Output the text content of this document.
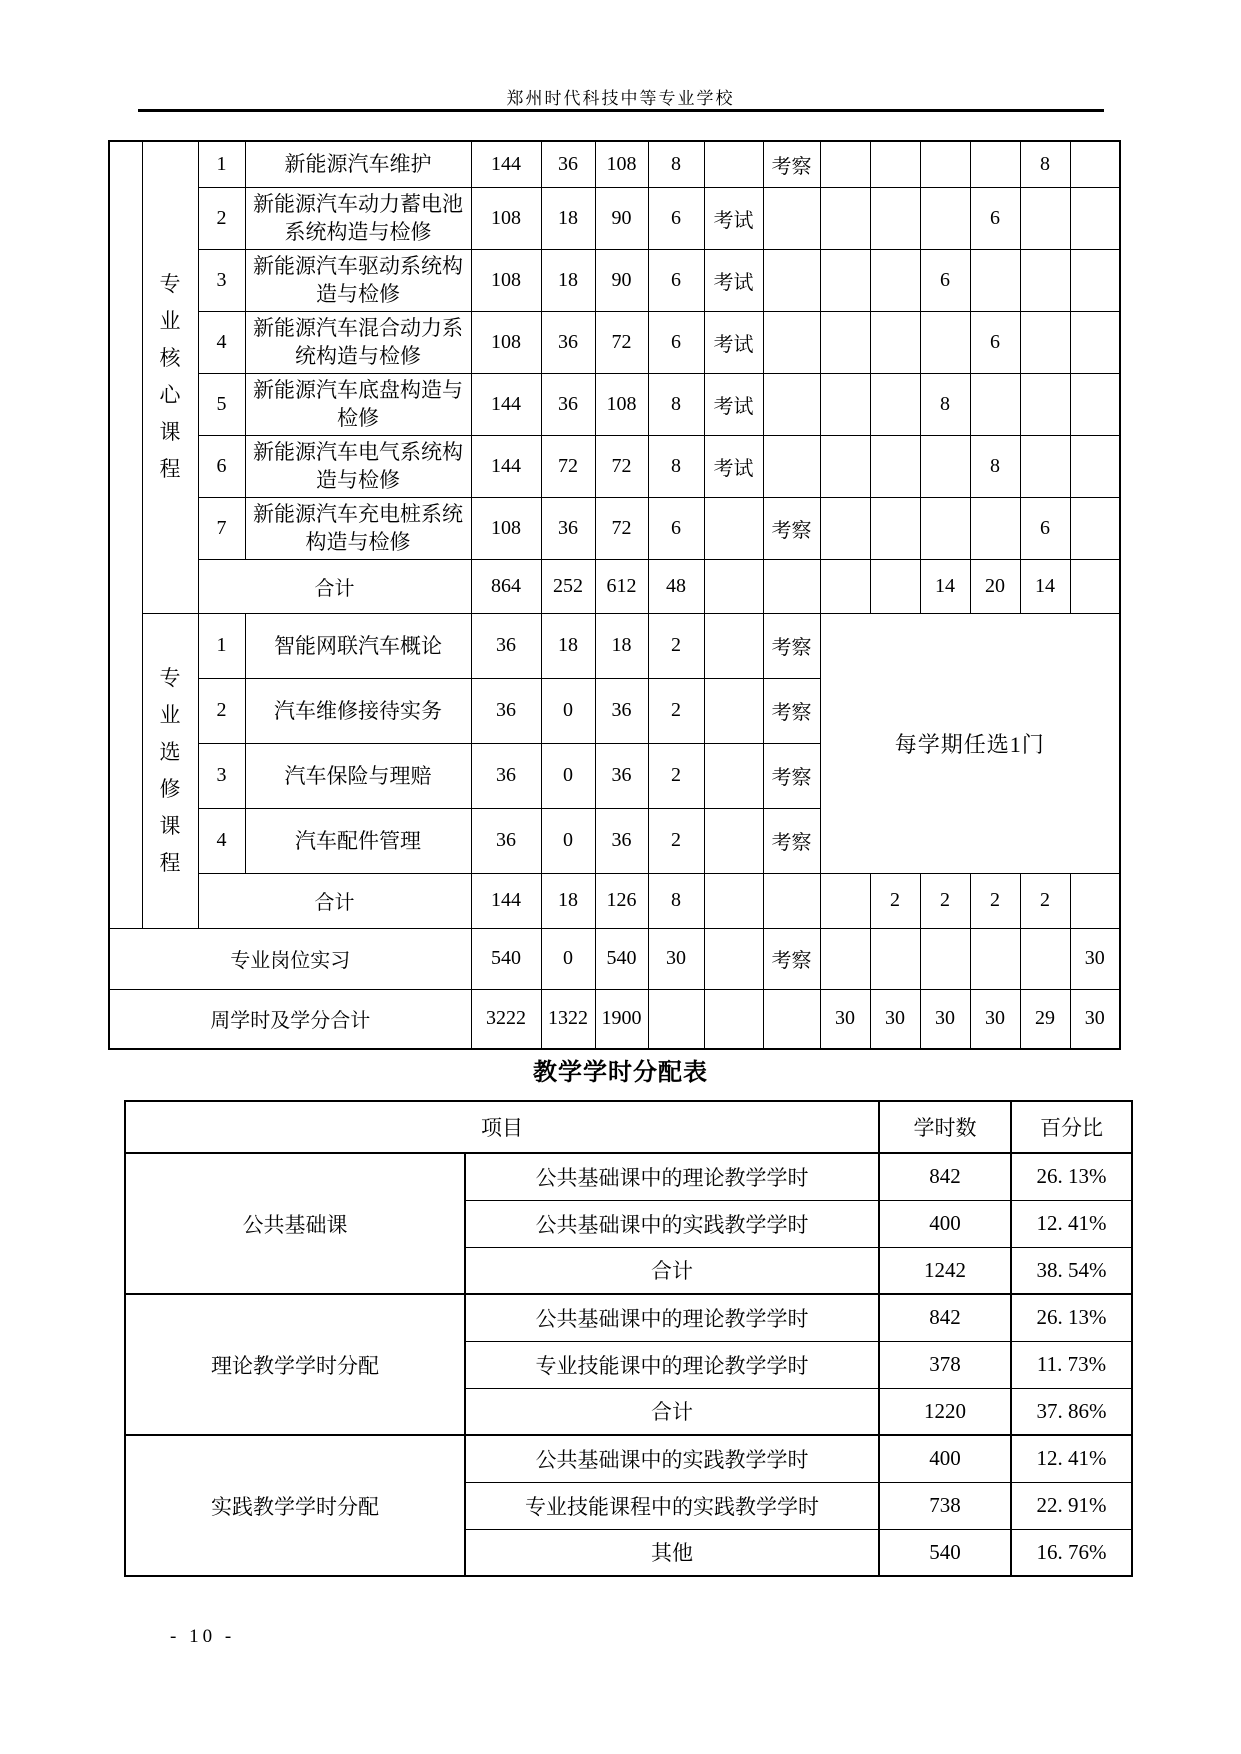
郑州时代科技中等专业学校
	专业核心课程	1	新能源汽车维护	144	36	108	8		考察					8	
		2	新能源汽车动力蓄电池系统构造与检修	108	18	90	6	考试					6		
		3	新能源汽车驱动系统构造与检修	108	18	90	6	考试				6			
		4	新能源汽车混合动力系统构造与检修	108	36	72	6	考试					6		
		5	新能源汽车底盘构造与检修	144	36	108	8	考试				8			
		6	新能源汽车电气系统构造与检修	144	72	72	8	考试					8		
		7	新能源汽车充电桩系统构造与检修	108	36	72	6		考察					6	
		合计		864	252	612	48					14	20	14	
	专业选修课程	1	智能网联汽车概论	36	18	18	2		考察	每学期任选1门					
		2	汽车维修接待实务	36	0	36	2		考察						
		3	汽车保险与理赔	36	0	36	2		考察						
		4	汽车配件管理	36	0	36	2		考察						
		合计		144	18	126	8				2	2	2	2	
专业岗位实习				540	0	540	30		考察						30
周学时及学分合计				3222	1322	1900				30	30	30	30	29	30
教学学时分配表
项目		学时数	百分比
公共基础课	公共基础课中的理论教学学时	842	26. 13%
	公共基础课中的实践教学学时	400	12. 41%
	合计	1242	38. 54%
理论教学学时分配	公共基础课中的理论教学学时	842	26. 13%
	专业技能课中的理论教学学时	378	11. 73%
	合计	1220	37. 86%
实践教学学时分配	公共基础课中的实践教学学时	400	12. 41%
	专业技能课程中的实践教学学时	738	22. 91%
	其他	540	16. 76%
- 10 -
